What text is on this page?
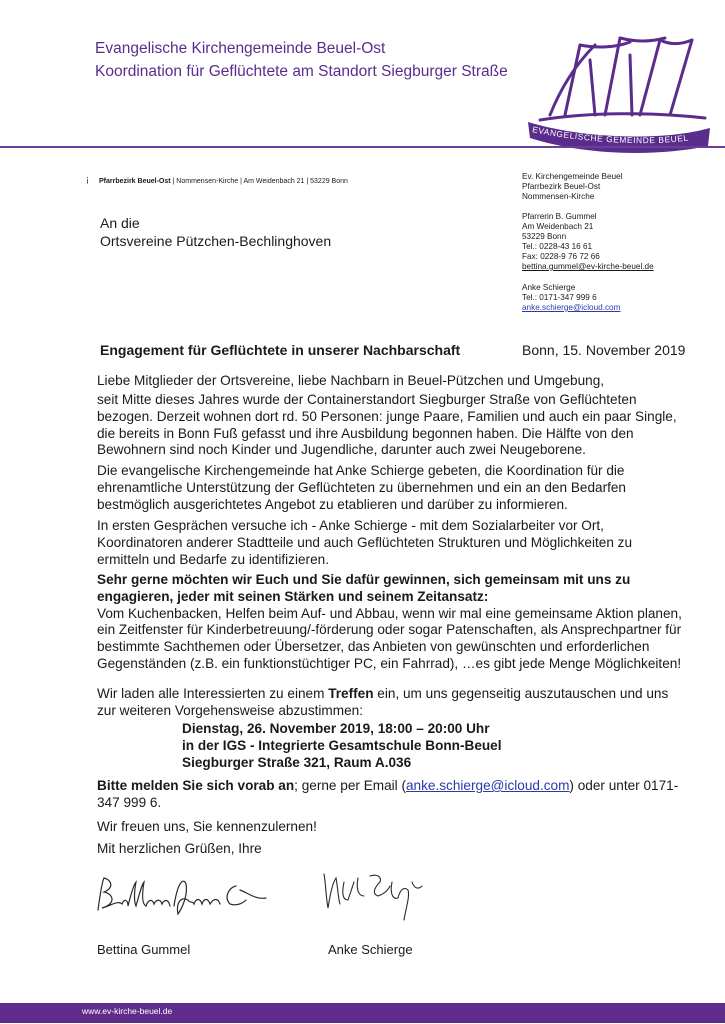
Evangelische Kirchengemeinde Beuel-Ost
Koordination für Geflüchtete am Standort Siegburger Straße
EVANGELISCHE GEMEINDE BEUEL
¡ Pfarrbezirk Beuel-Ost | Nommensen-Kirche | Am Weidenbach 21 | 53229 Bonn
An die
Ortsvereine Pützchen-Bechlinghoven
Ev. Kirchengemeinde Beuel
Pfarrbezirk Beuel-Ost
Nommensen-Kirche
Pfarrerin B. Gummel
Am Weidenbach 21
53229 Bonn
Tel.: 0228-43 16 61
Fax: 0228-9 76 72 66
bettina.gummel@ev-kirche-beuel.de
Anke Schierge
Tel.: 0171-347 999 6
anke.schierge@icloud.com
Engagement für Geflüchtete in unserer Nachbarschaft	Bonn, 15. November 2019

Liebe Mitglieder der Ortsvereine, liebe Nachbarn in Beuel-Pützchen und Umgebung,

seit Mitte dieses Jahres wurde der Containerstandort Siegburger Straße von Geflüchteten bezogen. Derzeit wohnen dort rd. 50 Personen: junge Paare, Familien und auch ein paar Single, die bereits in Bonn Fuß gefasst und ihre Ausbildung begonnen haben. Die Hälfte von den Bewohnern sind noch Kinder und Jugendliche, darunter auch zwei Neugeborene.

Die evangelische Kirchengemeinde hat Anke Schierge gebeten, die Koordination für die ehrenamtliche Unterstützung der Geflüchteten zu übernehmen und ein an den Bedarfen bestmöglich ausgerichtetes Angebot zu etablieren und darüber zu informieren.

In ersten Gesprächen versuche ich - Anke Schierge - mit dem Sozialarbeiter vor Ort, Koordinatoren anderer Stadtteile und auch Geflüchteten Strukturen und Möglichkeiten zu ermitteln und Bedarfe zu identifizieren.

Sehr gerne möchten wir Euch und Sie dafür gewinnen, sich gemeinsam mit uns zu engagieren, jeder mit seinen Stärken und seinem Zeitansatz:

Vom Kuchenbacken, Helfen beim Auf- und Abbau, wenn wir mal eine gemeinsame Aktion planen, ein Zeitfenster für Kinderbetreuung/-förderung oder sogar Patenschaften, als Ansprechpartner für bestimmte Sachthemen oder Übersetzer, das Anbieten von gewünschten und erforderlichen Gegenständen (z.B. ein funktionstüchtiger PC, ein Fahrrad), …es gibt jede Menge Möglichkeiten!

Wir laden alle Interessierten zu einem Treffen ein, um uns gegenseitig auszutauschen und uns zur weiteren Vorgehensweise abzustimmen:

Dienstag, 26. November 2019, 18:00 – 20:00 Uhr
in der IGS - Integrierte Gesamtschule Bonn-Beuel
Siegburger Straße 321, Raum A.036

Bitte melden Sie sich vorab an; gerne per Email (anke.schierge@icloud.com) oder unter 0171-347 999 6.

Wir freuen uns, Sie kennenzulernen!

Mit herzlichen Grüßen, Ihre

Bettina Gummel	Anke Schierge
www.ev-kirche-beuel.de
